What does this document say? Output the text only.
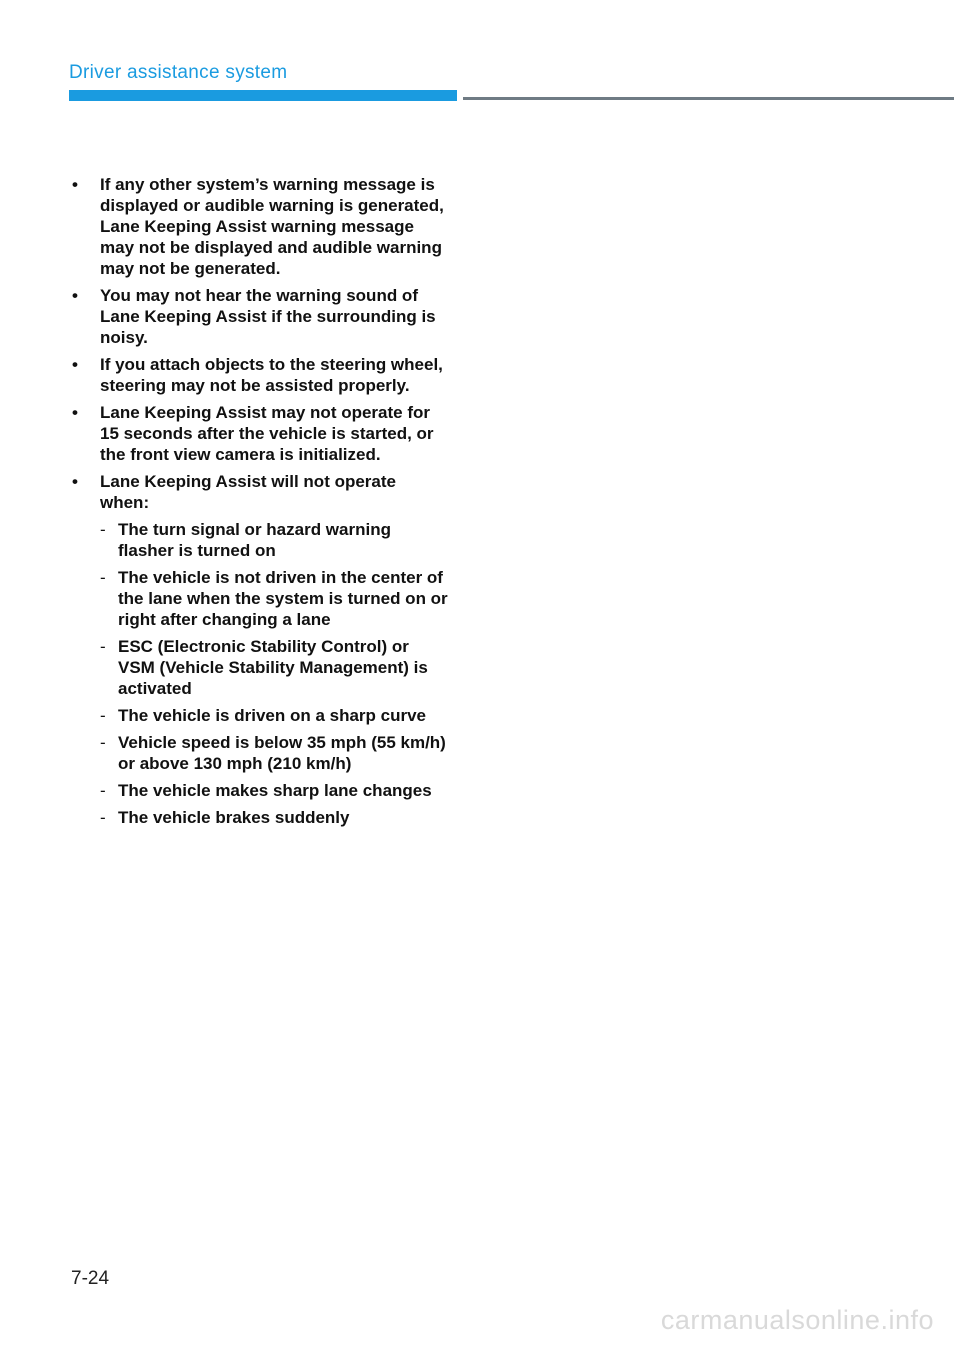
Driver assistance system
• If any other system’s warning message is displayed or audible warning is generated, Lane Keeping Assist warning message may not be displayed and audible warning may not be generated.
• You may not hear the warning sound of Lane Keeping Assist if the surrounding is noisy.
• If you attach objects to the steering wheel, steering may not be assisted properly.
• Lane Keeping Assist may not operate for 15 seconds after the vehicle is started, or the front view camera is initialized.
• Lane Keeping Assist will not operate when:
- The turn signal or hazard warning flasher is turned on
- The vehicle is not driven in the center of the lane when the system is turned on or right after changing a lane
- ESC (Electronic Stability Control) or VSM (Vehicle Stability Management) is activated
- The vehicle is driven on a sharp curve
- Vehicle speed is below 35 mph (55 km/h) or above 130 mph (210 km/h)
- The vehicle makes sharp lane changes
- The vehicle brakes suddenly
7-24
carmanualsonline.info
